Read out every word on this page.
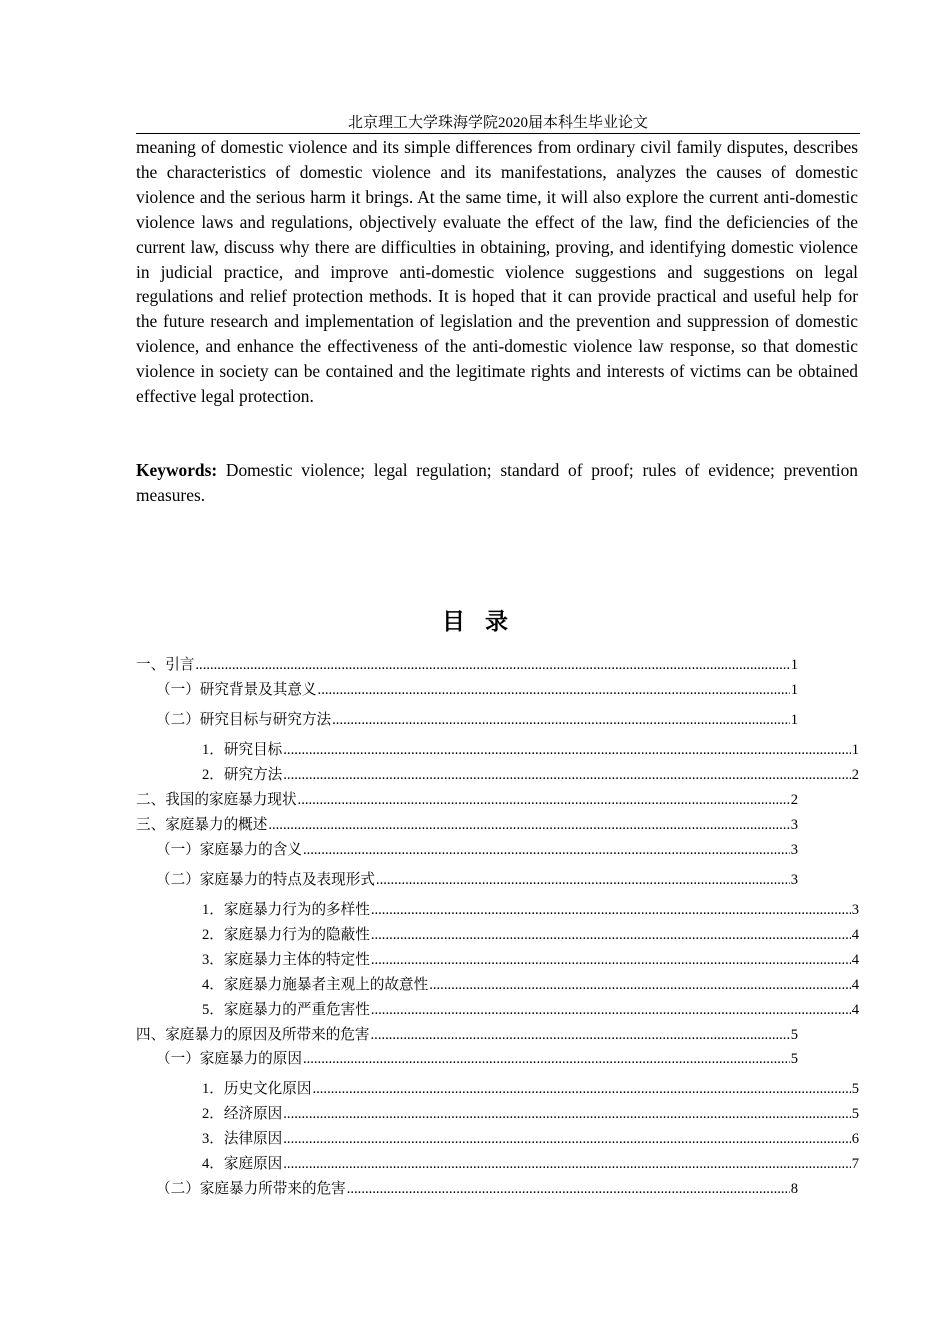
北京理工大学珠海学院2020届本科生毕业论文

meaning of domestic violence and its simple differences from ordinary civil family disputes, describes the characteristics of domestic violence and its manifestations, analyzes the causes of domestic violence and the serious harm it brings. At the same time, it will also explore the current anti-domestic violence laws and regulations, objectively evaluate the effect of the law, find the deficiencies of the current law, discuss why there are difficulties in obtaining, proving, and identifying domestic violence in judicial practice, and improve anti-domestic violence suggestions and suggestions on legal regulations and relief protection methods. It is hoped that it can provide practical and useful help for the future research and implementation of legislation and the prevention and suppression of domestic violence, and enhance the effectiveness of the anti-domestic violence law response, so that domestic violence in society can be contained and the legitimate rights and interests of victims can be obtained effective legal protection.

Keywords: Domestic violence; legal regulation; standard of proof; rules of evidence; prevention measures.

目录
一、引言 .....	1
（一）研究背景及其意义 .....	1
（二）研究目标与研究方法 .....	1
1．研究目标 .....	1
2．研究方法 .....	2
二、我国的家庭暴力现状 .....	2
三、家庭暴力的概述 .....	3
（一）家庭暴力的含义 .....	3
（二）家庭暴力的特点及表现形式 .....	3
1．家庭暴力行为的多样性 .....	3
2．家庭暴力行为的隐蔽性 .....	4
3．家庭暴力主体的特定性 .....	4
4．家庭暴力施暴者主观上的故意性 .....	4
5．家庭暴力的严重危害性 .....	4
四、家庭暴力的原因及所带来的危害 .....	5
（一）家庭暴力的原因 .....	5
1．历史文化原因 .....	5
2．经济原因 .....	5
3．法律原因 .....	6
4．家庭原因 .....	7
（二）家庭暴力所带来的危害 .....	8
